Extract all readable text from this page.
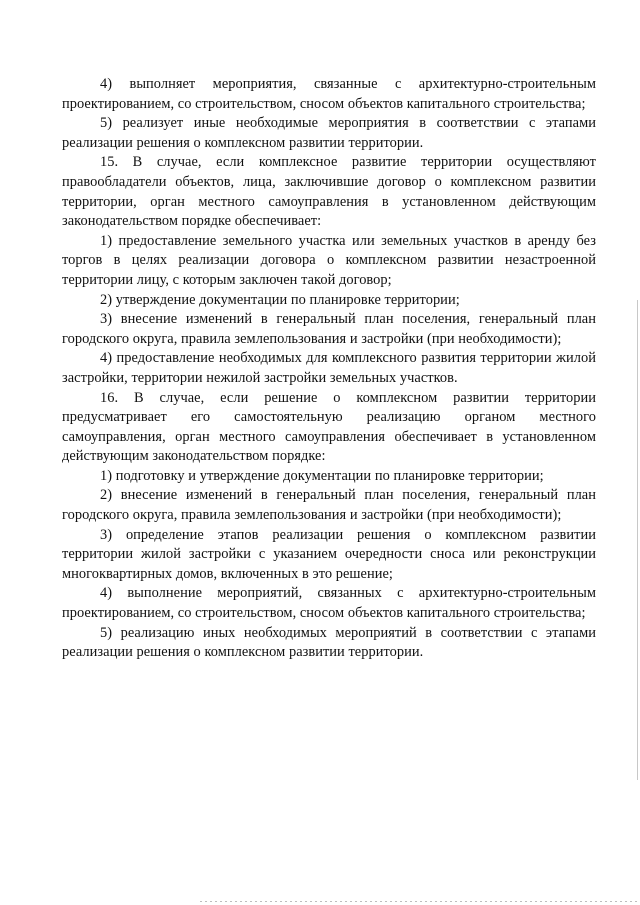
4) выполняет мероприятия, связанные с архитектурно-строительным проектированием, со строительством, сносом объектов капитального строительства;

5) реализует иные необходимые мероприятия в соответствии с этапами реализации решения о комплексном развитии территории.

15. В случае, если комплексное развитие территории осуществляют правообладатели объектов, лица, заключившие договор о комплексном развитии территории, орган местного самоуправления в установленном действующим законодательством порядке обеспечивает:

1) предоставление земельного участка или земельных участков в аренду без торгов в целях реализации договора о комплексном развитии незастроенной территории лицу, с которым заключен такой договор;

2) утверждение документации по планировке территории;

3) внесение изменений в генеральный план поселения, генеральный план городского округа, правила землепользования и застройки (при необходимости);

4) предоставление необходимых для комплексного развития территории жилой застройки, территории нежилой застройки земельных участков.

16. В случае, если решение о комплексном развитии территории предусматривает его самостоятельную реализацию органом местного самоуправления, орган местного самоуправления обеспечивает в установленном действующим законодательством порядке:

1) подготовку и утверждение документации по планировке территории;

2) внесение изменений в генеральный план поселения, генеральный план городского округа, правила землепользования и застройки (при необходимости);

3) определение этапов реализации решения о комплексном развитии территории жилой застройки с указанием очередности сноса или реконструкции многоквартирных домов, включенных в это решение;

4) выполнение мероприятий, связанных с архитектурно-строительным проектированием, со строительством, сносом объектов капитального строительства;

5) реализацию иных необходимых мероприятий в соответствии с этапами реализации решения о комплексном развитии территории.
